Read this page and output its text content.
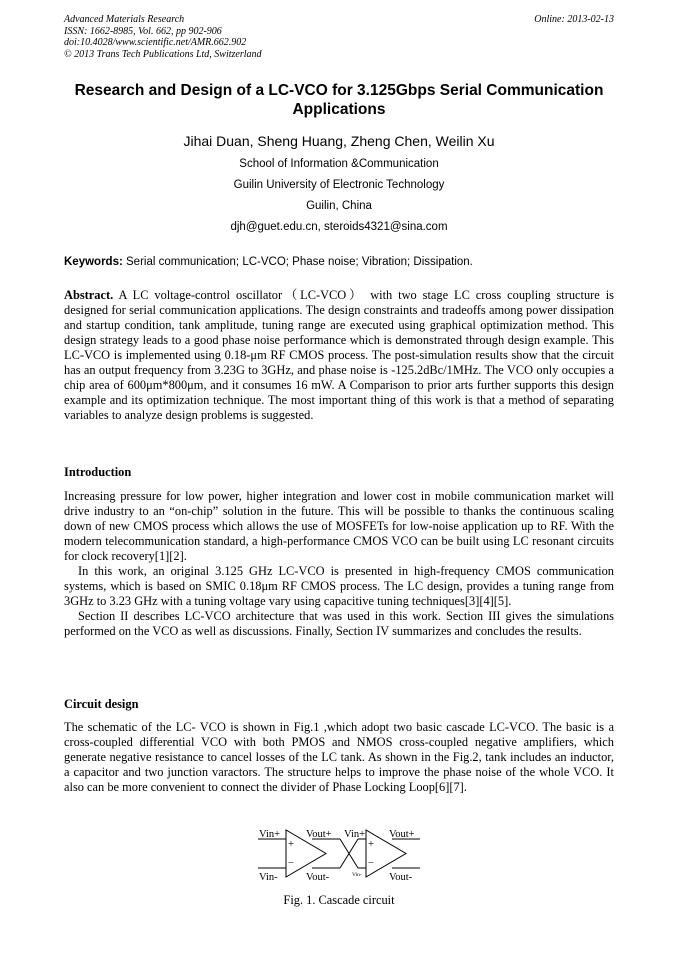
Advanced Materials Research
ISSN: 1662-8985, Vol. 662, pp 902-906
doi:10.4028/www.scientific.net/AMR.662.902
© 2013 Trans Tech Publications Ltd, Switzerland
Online: 2013-02-13
Research and Design of a LC-VCO for 3.125Gbps Serial Communication
Applications
Jihai Duan, Sheng Huang, Zheng Chen, Weilin Xu
School of Information &Communication
Guilin University of Electronic Technology
Guilin, China
djh@guet.edu.cn, steroids4321@sina.com
Keywords: Serial communication; LC-VCO; Phase noise; Vibration; Dissipation.

Abstract. A LC voltage-control oscillator（LC-VCO） with two stage LC cross coupling structure is designed for serial communication applications. The design constraints and tradeoffs among power dissipation and startup condition, tank amplitude, tuning range are executed using graphical optimization method. This design strategy leads to a good phase noise performance which is demonstrated through design example. This LC-VCO is implemented using 0.18-μm RF CMOS process. The post-simulation results show that the circuit has an output frequency from 3.23G to 3GHz, and phase noise is -125.2dBc/1MHz. The VCO only occupies a chip area of 600μm*800μm, and it consumes 16 mW. A Comparison to prior arts further supports this design example and its optimization technique. The most important thing of this work is that a method of separating variables to analyze design problems is suggested.

Introduction

Increasing pressure for low power, higher integration and lower cost in mobile communication market will drive industry to an “on-chip” solution in the future. This will be possible to thanks the continuous scaling down of new CMOS process which allows the use of MOSFETs for low-noise application up to RF. With the modern telecommunication standard, a high-performance CMOS VCO can be built using LC resonant circuits for clock recovery[1][2].

In this work, an original 3.125 GHz LC-VCO is presented in high-frequency CMOS communication systems, which is based on SMIC 0.18μm RF CMOS process. The LC design, provides a tuning range from 3GHz to 3.23 GHz with a tuning voltage vary using capacitive tuning techniques[3][4][5].

Section II describes LC-VCO architecture that was used in this work. Section III gives the simulations performed on the VCO as well as discussions. Finally, Section IV summarizes and concludes the results.

Circuit design

The schematic of the LC- VCO is shown in Fig.1 ,which adopt two basic cascade LC-VCO. The basic is a cross-coupled differential VCO with both PMOS and NMOS cross-coupled negative amplifiers, which generate negative resistance to cancel losses of the LC tank. As shown in the Fig.2, tank includes an inductor, a capacitor and two junction varactors. The structure helps to improve the phase noise of the whole VCO. It also can be more convenient to connect the divider of Phase Locking Loop[6][7].

Vin+
Vin-
Vout+
Vout-
Vin+
Vin-
Vout+
Vout-
+
−
+
−
Fig. 1. Cascade circuit
